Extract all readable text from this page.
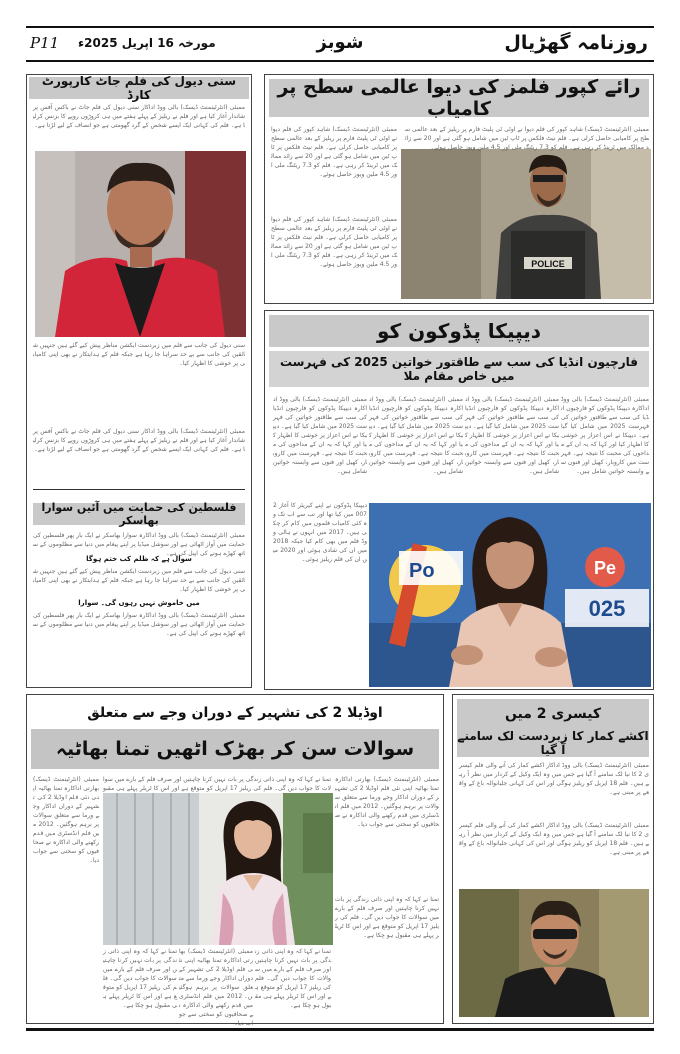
P11 مورخہ 16 اپریل 2025ء	شوبز	روزنامہ گھڑیال
سنی دیول کی فلم جاٹ کارپورٹ کارڈ
ممبئی (انٹرٹینمنٹ ڈیسک) بالی ووڈ اداکار سنی دیول کی فلم جاٹ نے باکس آفس پر شاندار آغاز کیا ہے اور فلم نے ریلیز کے پہلے ہفتے میں ہی کروڑوں روپے کا بزنس کرلیا ہے۔ فلم کی کہانی ایک ایسے شخص کے گرد گھومتی ہے جو انصاف کے لیے لڑتا ہے۔
سنی دیول کی جانب سے فلم میں زبردست ایکشن مناظر پیش کیے گئے ہیں جنہیں شائقین کی جانب سے بے حد سراہا جا رہا ہے جبکہ فلم کے ہدایتکار نے بھی اپنی کامیابی پر خوشی کا اظہار کیا۔
ممبئی (انٹرٹینمنٹ ڈیسک) بالی ووڈ اداکار سنی دیول کی فلم جاٹ نے باکس آفس پر شاندار آغاز کیا ہے اور فلم نے ریلیز کے پہلے ہفتے میں ہی کروڑوں روپے کا بزنس کرلیا ہے۔ فلم کی کہانی ایک ایسے شخص کے گرد گھومتی ہے جو انصاف کے لیے لڑتا ہے۔
فلسطین کی حمایت میں آئیں سوارا بھاسکر
ممبئی (انٹرٹینمنٹ ڈیسک) بالی ووڈ اداکارہ سوارا بھاسکر نے ایک بار پھر فلسطین کی حمایت میں آواز اٹھائی ہے اور سوشل میڈیا پر اپنے پیغام میں دنیا سے مظلوموں کے ساتھ کھڑے ہونے کی اپیل کی ہے۔
سوال ہے کہ ظلم کب ختم ہوگا
سنی دیول کی جانب سے فلم میں زبردست ایکشن مناظر پیش کیے گئے ہیں جنہیں شائقین کی جانب سے بے حد سراہا جا رہا ہے جبکہ فلم کے ہدایتکار نے بھی اپنی کامیابی پر خوشی کا اظہار کیا۔
میں خاموش نہیں رہوں گی۔ سوارا
ممبئی (انٹرٹینمنٹ ڈیسک) بالی ووڈ اداکارہ سوارا بھاسکر نے ایک بار پھر فلسطین کی حمایت میں آواز اٹھائی ہے اور سوشل میڈیا پر اپنے پیغام میں دنیا سے مظلوموں کے ساتھ کھڑے ہونے کی اپیل کی ہے۔
رائے کپور فلمز کی دیوا عالمی سطح پر کامیاب
POLICE
ممبئی (انٹرٹینمنٹ ڈیسک) شاہد کپور کی فلم دیوا نے اوٹی ٹی پلیٹ فارم پر ریلیز کے بعد عالمی سطح پر کامیابی حاصل کرلی ہے۔ فلم نیٹ فلکس پر ٹاپ ٹین میں شامل ہو گئی ہے اور 20 سے زائد ممالک میں ٹرینڈ کر رہی ہے۔ فلم کو 7.3 ریٹنگ ملی اور 4.5 ملین ویوز حاصل ہوئے۔
ممبئی (انٹرٹینمنٹ ڈیسک) شاہد کپور کی فلم دیوا نے اوٹی ٹی پلیٹ فارم پر ریلیز کے بعد عالمی سطح پر کامیابی حاصل کرلی ہے۔ فلم نیٹ فلکس پر ٹاپ ٹین میں شامل ہو گئی ہے اور 20 سے زائد ممالک میں ٹرینڈ کر رہی ہے۔ فلم کو 7.3 ریٹنگ ملی اور 4.5 ملین ویوز حاصل ہوئے۔
ممبئی (انٹرٹینمنٹ ڈیسک) شاہد کپور کی فلم دیوا نے اوٹی ٹی پلیٹ فارم پر ریلیز کے بعد عالمی سطح پر کامیابی حاصل کرلی ہے۔ فلم نیٹ فلکس پر ٹاپ ٹین میں شامل ہو گئی ہے اور 20 سے زائد ممالک میں ٹرینڈ کر رہی ہے۔ فلم کو 7.3 ریٹنگ ملی اور 4.5 ملین ویوز حاصل ہوئے۔
دیپیکا پڈوکون کو
فارچیون انڈیا کی سب سے طاقتور خواتین 2025 کی فہرست میں خاص مقام ملا
ممبئی (انٹرٹینمنٹ ڈیسک) بالی ووڈ اداکارہ دیپیکا پڈوکون کو فارچیون انڈیا کی سب سے طاقتور خواتین کی فہرست 2025 میں شامل کیا گیا ہے۔ دیپیکا نے اس اعزاز پر خوشی کا اظہار کیا اور کہا کہ یہ ان کے مداحوں کی محبت کا نتیجہ ہے۔ فہرست میں کاروبار، کھیل اور فنون سے وابستہ خواتین شامل ہیں۔
ممبئی (انٹرٹینمنٹ ڈیسک) بالی ووڈ اداکارہ دیپیکا پڈوکون کو فارچیون انڈیا کی سب سے طاقتور خواتین کی فہرست 2025 میں شامل کیا گیا ہے۔ دیپیکا نے اس اعزاز پر خوشی کا اظہار کیا اور کہا کہ یہ ان کے مداحوں کی محبت کا نتیجہ ہے۔ فہرست میں کاروبار، کھیل اور فنون سے وابستہ خواتین شامل ہیں۔
ممبئی (انٹرٹینمنٹ ڈیسک) بالی ووڈ اداکارہ دیپیکا پڈوکون کو فارچیون انڈیا کی سب سے طاقتور خواتین کی فہرست 2025 میں شامل کیا گیا ہے۔ دیپیکا نے اس اعزاز پر خوشی کا اظہار کیا اور کہا کہ یہ ان کے مداحوں کی محبت کا نتیجہ ہے۔ فہرست میں کاروبار، کھیل اور فنون سے وابستہ خواتین شامل ہیں۔
ممبئی (انٹرٹینمنٹ ڈیسک) بالی ووڈ اداکارہ دیپیکا پڈوکون کو فارچیون انڈیا کی سب سے طاقتور خواتین کی فہرست 2025 میں شامل کیا گیا ہے۔ دیپیکا نے اس اعزاز پر خوشی کا اظہار کیا اور کہا کہ یہ ان کے مداحوں کی محبت کا نتیجہ ہے۔ فہرست میں کاروبار، کھیل اور فنون سے وابستہ خواتین شامل ہیں۔
دیپیکا پڈوکون نے اپنے کیریئر کا آغاز 2007 میں کیا تھا اور تب سے اب تک وہ کئی کامیاب فلموں میں کام کر چکی ہیں۔ 2017 میں انہوں نے ہالی ووڈ فلم میں بھی کام کیا جبکہ 2018 میں ان کی شادی ہوئی اور 2020 میں ان کی فلم ریلیز ہوئی۔
Po	Pe
025
اوڈیلا 2 کی تشہیر کے دوران وجے سے متعلق
سوالات سن کر بھڑک اٹھیں تمنا بھاٹیہ
ممبئی (انٹرٹینمنٹ ڈیسک) بھارتی اداکارہ تمنا بھاٹیہ اپنی نئی فلم اوڈیلا 2 کی تشہیر کے دوران اداکار وجے ورما سے متعلق سوالات پر برہم ہوگئیں۔ 2012 میں فلم انڈسٹری میں قدم رکھنے والی اداکارہ نے صحافیوں کو سختی سے جواب دیا۔
تمنا نے کہا کہ وہ اپنی ذاتی زندگی پر بات نہیں کرنا چاہتیں اور صرف فلم کے بارے میں سوالات کا جواب دیں گی۔ فلم کی ریلیز 17 اپریل کو متوقع ہے اور اس کا ٹریلر پہلے ہی مقبول ہو چکا ہے۔
ممبئی (انٹرٹینمنٹ ڈیسک) بھارتی اداکارہ تمنا بھاٹیہ اپنی نئی فلم اوڈیلا 2 کی تشہیر کے دوران اداکار وجے ورما سے متعلق سوالات پر برہم ہوگئیں۔ 2012 میں فلم انڈسٹری میں قدم رکھنے والی اداکارہ نے صحافیوں کو سختی سے جواب دیا۔
تمنا نے کہا کہ وہ اپنی ذاتی زندگی پر بات نہیں کرنا چاہتیں اور صرف فلم کے بارے میں سوالات کا جواب دیں گی۔ فلم کی ریلیز 17 اپریل کو متوقع ہے اور اس کا ٹریلر پہلے ہی مقبو
تمنا نے کہا کہ وہ اپنی ذاتی زندگی پر بات نہیں کرنا چاہتیں اور صرف فلم کے بارے میں سوالات کا جواب دیں گی۔ فلم کی ریلیز 17 اپریل کو متوقع ہے اور اس کا ٹریلر پہلے ہی مقبول ہو چکا ہے۔
ممبئی (انٹرٹینمنٹ ڈیسک) بھارتی اداکارہ تمنا بھاٹیہ اپنی نئی فلم اوڈیلا 2 کی تشہیر کے دوران اداکار وجے ورما سے متعلق سوالات پر برہم ہوگئیں۔ 2012 میں فلم انڈسٹری میں قدم رکھنے والی اداکارہ نے صحافیوں کو سختی سے جواب دیا۔
تمنا نے کہا کہ وہ اپنی ذاتی زندگی پر بات نہیں کرنا چاہتیں اور صرف فلم کے بارے میں سوالات کا جواب دیں گی۔ فلم کی ریلیز 17 اپریل کو متوقع ہے اور اس کا ٹریلر پہلے ہی مقبول ہو چکا ہے۔
کیسری 2 میں
اکشے کمار کا زبردست لک سامنے آ گیا
ممبئی (انٹرٹینمنٹ ڈیسک) بالی ووڈ اداکار اکشے کمار کی آنے والی فلم کیسری 2 کا نیا لک سامنے آ گیا ہے جس میں وہ ایک وکیل کے کردار میں نظر آ رہے ہیں۔ فلم 18 اپریل کو ریلیز ہوگی اور اس کی کہانی جلیانوالہ باغ کے واقعے پر مبنی ہے۔
ممبئی (انٹرٹینمنٹ ڈیسک) بالی ووڈ اداکار اکشے کمار کی آنے والی فلم کیسری 2 کا نیا لک سامنے آ گیا ہے جس میں وہ ایک وکیل کے کردار میں نظر آ رہے ہیں۔ فلم 18 اپریل کو ریلیز ہوگی اور اس کی کہانی جلیانوالہ باغ کے واقعے پر مبنی ہے۔
